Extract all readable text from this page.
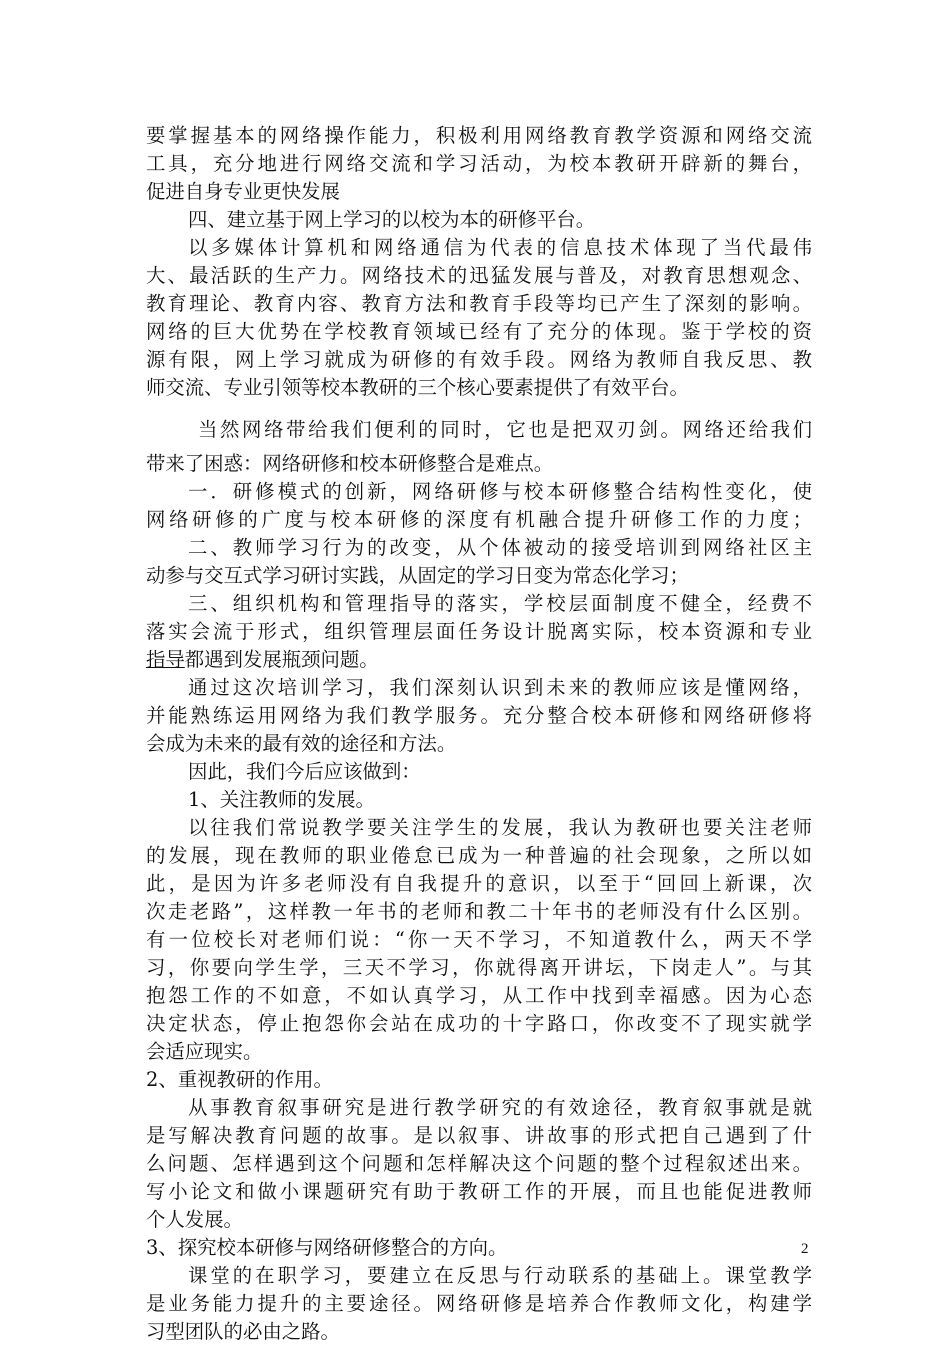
要掌握基本的网络操作能力，积极利用网络教育教学资源和网络交流
工具，充分地进行网络交流和学习活动，为校本教研开辟新的舞台，
促进自身专业更快发展
四、建立基于网上学习的以校为本的研修平台。
以多媒体计算机和网络通信为代表的信息技术体现了当代最伟
大、最活跃的生产力。网络技术的迅猛发展与普及，对教育思想观念、
教育理论、教育内容、教育方法和教育手段等均已产生了深刻的影响。
网络的巨大优势在学校教育领域已经有了充分的体现。鉴于学校的资
源有限，网上学习就成为研修的有效手段。网络为教师自我反思、教
师交流、专业引领等校本教研的三个核心要素提供了有效平台。
当然网络带给我们便利的同时，它也是把双刃剑。网络还给我们
带来了困惑：网络研修和校本研修整合是难点。
一．研修模式的创新，网络研修与校本研修整合结构性变化，使
网络研修的广度与校本研修的深度有机融合提升研修工作的力度；
二、教师学习行为的改变，从个体被动的接受培训到网络社区主
动参与交互式学习研讨实践，从固定的学习日变为常态化学习；
三、组织机构和管理指导的落实，学校层面制度不健全，经费不
落实会流于形式，组织管理层面任务设计脱离实际，校本资源和专业
指导都遇到发展瓶颈问题。
通过这次培训学习，我们深刻认识到未来的教师应该是懂网络，
并能熟练运用网络为我们教学服务。充分整合校本研修和网络研修将
会成为未来的最有效的途径和方法。
因此，我们今后应该做到：
1、关注教师的发展。
以往我们常说教学要关注学生的发展，我认为教研也要关注老师
的发展，现在教师的职业倦怠已成为一种普遍的社会现象，之所以如
此，是因为许多老师没有自我提升的意识，以至于“回回上新课，次
次走老路”，这样教一年书的老师和教二十年书的老师没有什么区别。
有一位校长对老师们说：“你一天不学习，不知道教什么，两天不学
习，你要向学生学，三天不学习，你就得离开讲坛，下岗走人”。与其
抱怨工作的不如意，不如认真学习，从工作中找到幸福感。因为心态
决定状态，停止抱怨你会站在成功的十字路口，你改变不了现实就学
会适应现实。
2、重视教研的作用。
从事教育叙事研究是进行教学研究的有效途径，教育叙事就是就
是写解决教育问题的故事。是以叙事、讲故事的形式把自己遇到了什
么问题、怎样遇到这个问题和怎样解决这个问题的整个过程叙述出来。
写小论文和做小课题研究有助于教研工作的开展，而且也能促进教师
个人发展。
3、探究校本研修与网络研修整合的方向。
课堂的在职学习，要建立在反思与行动联系的基础上。课堂教学
是业务能力提升的主要途径。网络研修是培养合作教师文化，构建学
习型团队的必由之路。
2
